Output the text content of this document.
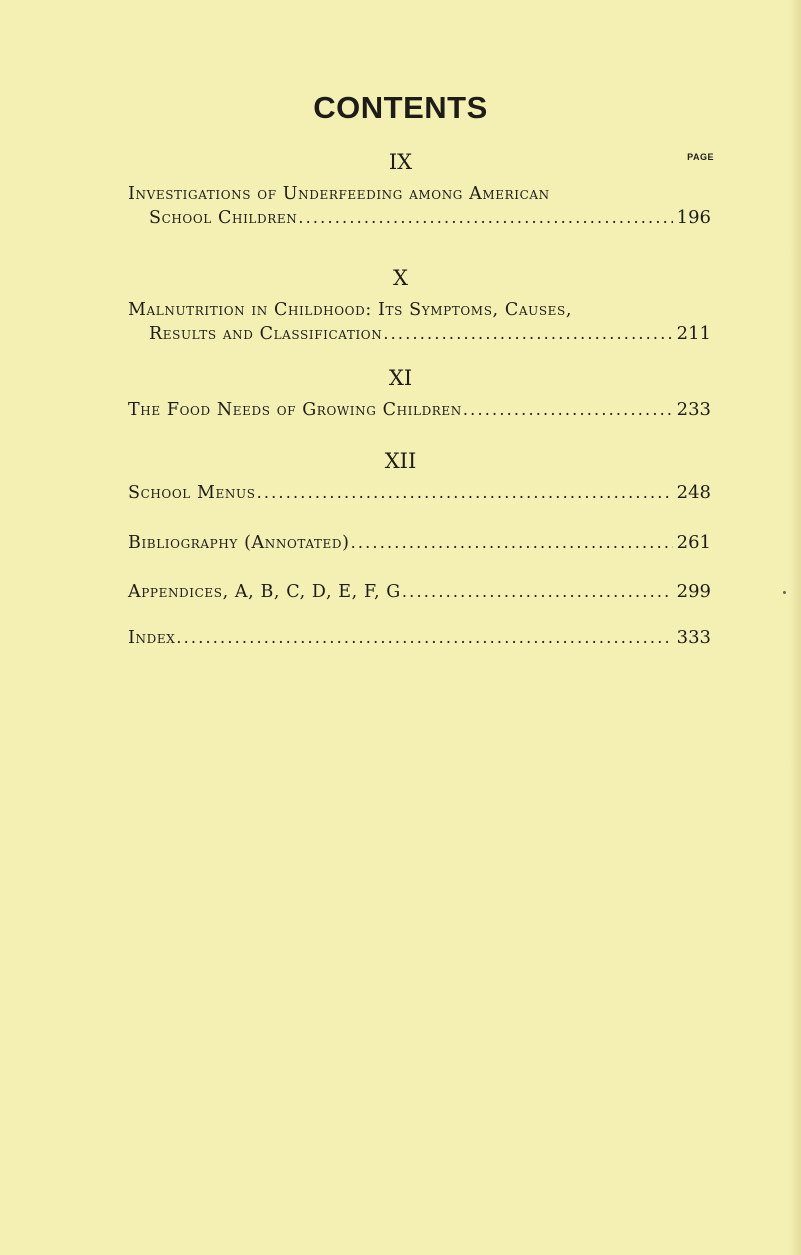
CONTENTS
PAGE
IX
Investigations of Underfeeding among American
School Children .....	196
X
Malnutrition in Childhood: Its Symptoms, Causes,
Results and Classification .....	211
XI
The Food Needs of Growing Children .....	233
XII
School Menus .....	248
Bibliography (Annotated) .....	261
Appendices, A, B, C, D, E, F, G .....	299
Index .....	333
